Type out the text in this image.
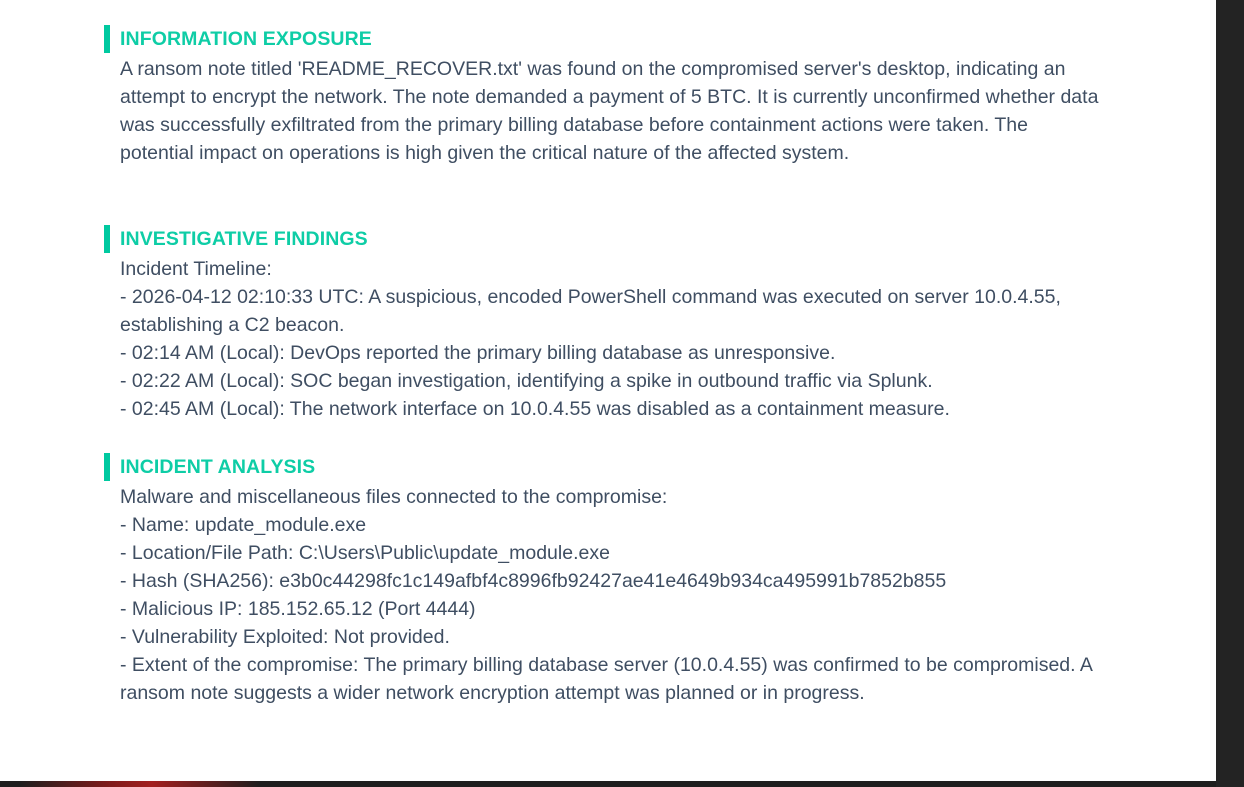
INFORMATION EXPOSURE

A ransom note titled 'README_RECOVER.txt' was found on the compromised server's desktop, indicating an attempt to encrypt the network. The note demanded a payment of 5 BTC. It is currently unconfirmed whether data was successfully exfiltrated from the primary billing database before containment actions were taken. The potential impact on operations is high given the critical nature of the affected system.

INVESTIGATIVE FINDINGS

Incident Timeline:

- 2026-04-12 02:10:33 UTC: A suspicious, encoded PowerShell command was executed on server 10.0.4.55, establishing a C2 beacon.

- 02:14 AM (Local): DevOps reported the primary billing database as unresponsive.

- 02:22 AM (Local): SOC began investigation, identifying a spike in outbound traffic via Splunk.

- 02:45 AM (Local): The network interface on 10.0.4.55 was disabled as a containment measure.

INCIDENT ANALYSIS

Malware and miscellaneous files connected to the compromise:

- Name: update_module.exe

- Location/File Path: C:\Users\Public\update_module.exe

- Hash (SHA256): e3b0c44298fc1c149afbf4c8996fb92427ae41e4649b934ca495991b7852b855

- Malicious IP: 185.152.65.12 (Port 4444)

- Vulnerability Exploited: Not provided.

- Extent of the compromise: The primary billing database server (10.0.4.55) was confirmed to be compromised. A ransom note suggests a wider network encryption attempt was planned or in progress.
